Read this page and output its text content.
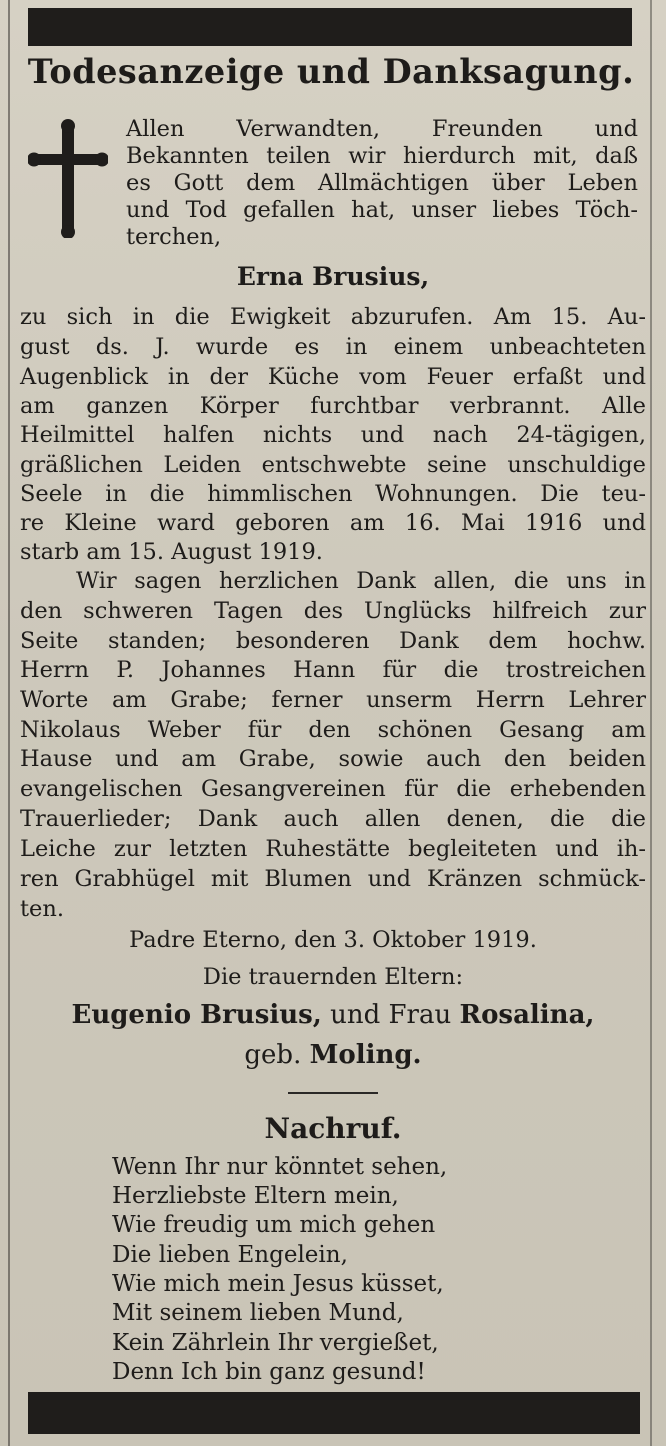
Todesanzeige und Danksagung.
Allen Verwandten, Freunden und
Bekannten teilen wir hierdurch mit, daß
es Gott dem Allmächtigen über Leben
und Tod gefallen hat, unser liebes Töch-
terchen,
Erna Brusius,
zu sich in die Ewigkeit abzurufen. Am 15. Au-
gust ds. J. wurde es in einem unbeachteten
Augenblick in der Küche vom Feuer erfaßt und
am ganzen Körper furchtbar verbrannt. Alle
Heilmittel halfen nichts und nach 24-tägigen,
gräßlichen Leiden entschwebte seine unschuldige
Seele in die himmlischen Wohnungen. Die teu-
re Kleine ward geboren am 16. Mai 1916 und
starb am 15. August 1919.
Wir sagen herzlichen Dank allen, die uns in
den schweren Tagen des Unglücks hilfreich zur
Seite standen; besonderen Dank dem hochw.
Herrn P. Johannes Hann für die trostreichen
Worte am Grabe; ferner unserm Herrn Lehrer
Nikolaus Weber für den schönen Gesang am
Hause und am Grabe, sowie auch den beiden
evangelischen Gesangvereinen für die erhebenden
Trauerlieder; Dank auch allen denen, die die
Leiche zur letzten Ruhestätte begleiteten und ih-
ren Grabhügel mit Blumen und Kränzen schmück-
ten.
Padre Eterno, den 3. Oktober 1919.
Die trauernden Eltern:
Eugenio Brusius, und Frau Rosalina,
geb. Moling.
Nachruf.
Wenn Ihr nur könntet sehen,
Herzliebste Eltern mein,
Wie freudig um mich gehen
Die lieben Engelein,
Wie mich mein Jesus küsset,
Mit seinem lieben Mund,
Kein Zährlein Ihr vergießet,
Denn Ich bin ganz gesund!
